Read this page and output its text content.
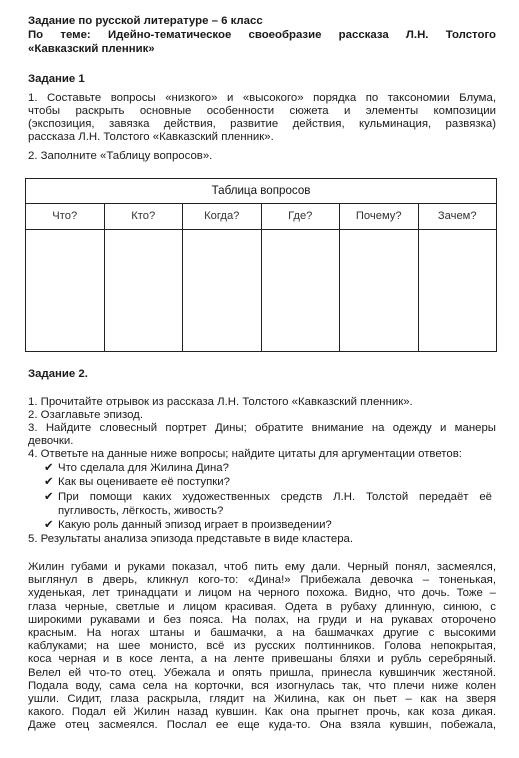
Задание по русской литературе – 6 класс
По теме: Идейно-тематическое своеобразие рассказа Л.Н. Толстого
«Кавказский пленник»
Задание 1
1. Составьте вопросы «низкого» и «высокого» порядка по таксономии Блума,
чтобы раскрыть основные особенности сюжета и элементы композиции
(экспозиция, завязка действия, развитие действия, кульминация, развязка)
рассказа Л.Н. Толстого «Кавказский пленник».
2. Заполните «Таблицу вопросов».
Таблица вопросов					
Что?	Кто?	Когда?	Где?	Почему?	Зачем?

Задание 2.
1. Прочитайте отрывок из рассказа Л.Н. Толстого «Кавказский пленник».
2. Озаглавьте эпизод.
3. Найдите словесный портрет Дины; обратите внимание на одежду и манеры
девочки.
4. Ответьте на данные ниже вопросы; найдите цитаты для аргументации ответов:
✔ Что сделала для Жилина Дина?
✔ Как вы оцениваете её поступки?
✔ При помощи каких художественных средств Л.Н. Толстой передаёт её
пугливость, лёгкость, живость?
✔ Какую роль данный эпизод играет в произведении?
5. Результаты анализа эпизода представьте в виде кластера.
Жилин губами и руками показал, чтоб пить ему дали. Черный понял, засмеялся,
выглянул в дверь, кликнул кого-то: «Дина!» Прибежала девочка – тоненькая,
худенькая, лет тринадцати и лицом на черного похожа. Видно, что дочь. Тоже –
глаза черные, светлые и лицом красивая. Одета в рубаху длинную, синюю, с
широкими рукавами и без пояса. На полах, на груди и на рукавах оторочено
красным. На ногах штаны и башмачки, а на башмачках другие с высокими
каблуками; на шее монисто, всё из русских полтинников. Голова непокрытая,
коса черная и в косе лента, а на ленте привешаны бляхи и рубль серебряный.
Велел ей что-то отец. Убежала и опять пришла, принесла кувшинчик жестяной.
Подала воду, сама села на корточки, вся изогнулась так, что плечи ниже колен
ушли. Сидит, глаза раскрыла, глядит на Жилина, как он пьет – как на зверя
какого. Подал ей Жилин назад кувшин. Как она прыгнет прочь, как коза дикая.
Даже отец засмеялся. Послал ее еще куда-то. Она взяла кувшин, побежала,
